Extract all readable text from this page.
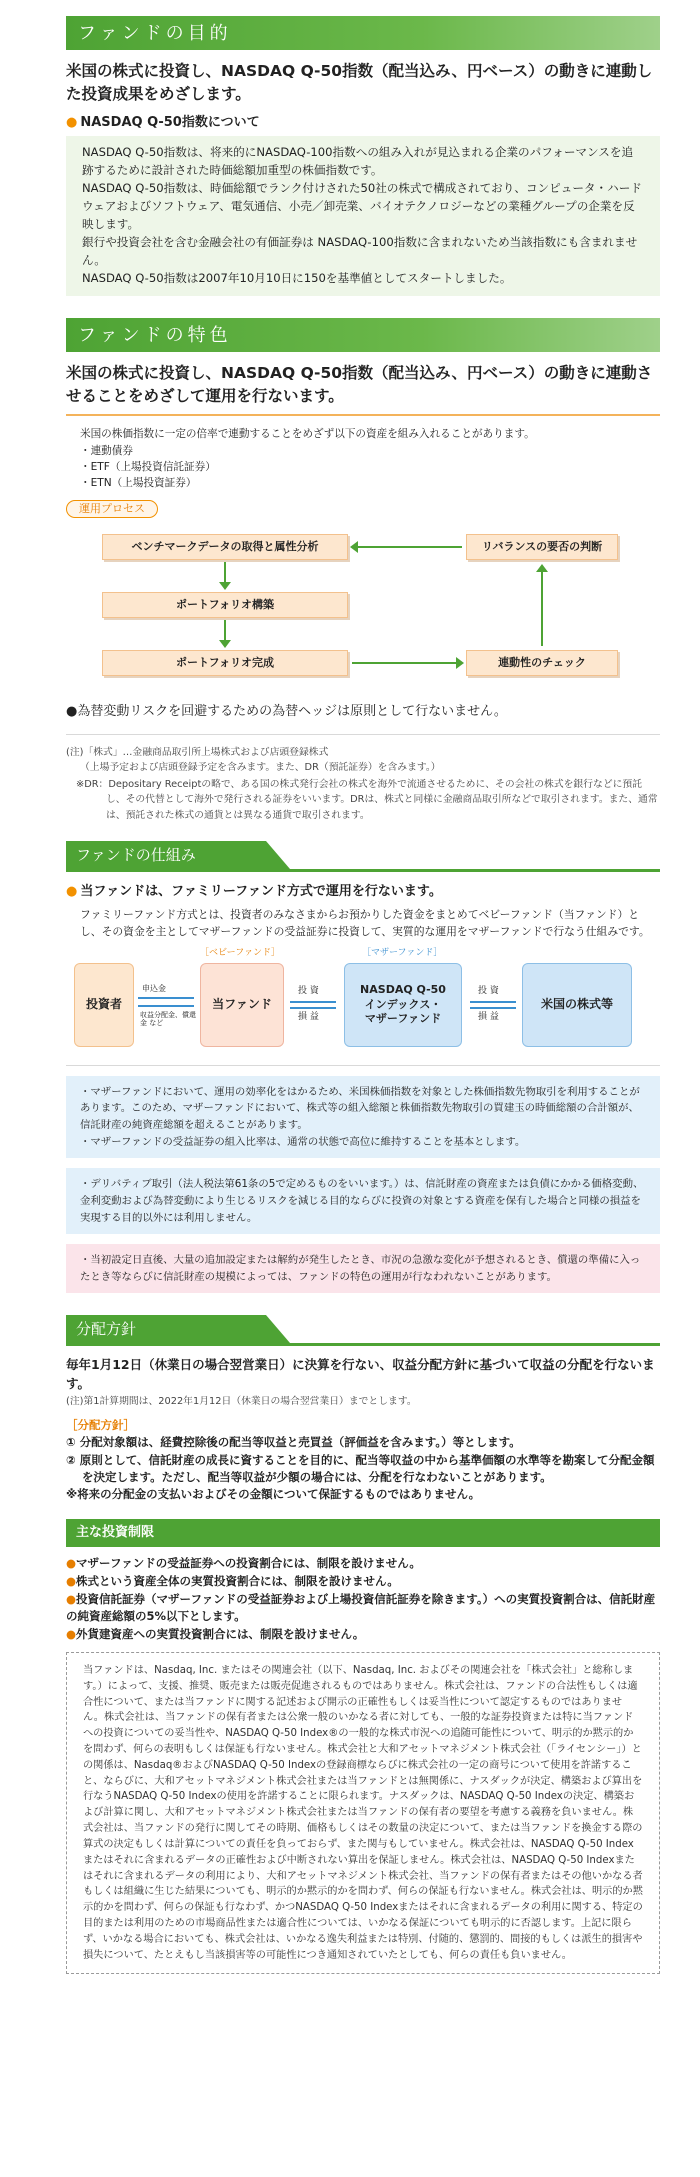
ファンドの目的
米国の株式に投資し、NASDAQ Q-50指数（配当込み、円ベース）の動きに連動した投資成果をめざします。
● NASDAQ Q-50指数について
NASDAQ Q-50指数は、将来的にNASDAQ-100指数への組み入れが見込まれる企業のパフォーマンスを追跡するために設計された時価総額加重型の株価指数です。
NASDAQ Q-50指数は、時価総額でランク付けされた50社の株式で構成されており、コンピュータ・ハードウェアおよびソフトウェア、電気通信、小売／卸売業、バイオテクノロジーなどの業種グループの企業を反映します。
銀行や投資会社を含む金融会社の有価証券は NASDAQ-100指数に含まれないため当該指数にも含まれません。
NASDAQ Q-50指数は2007年10月10日に150を基準値としてスタートしました。
ファンドの特色
米国の株式に投資し、NASDAQ Q-50指数（配当込み、円ベース）の動きに連動させることをめざして運用を行ないます。
米国の株価指数に一定の倍率で連動することをめざず以下の資産を組み入れることがあります。
・連動債券
・ETF（上場投資信託証券）
・ETN（上場投資証券）
運用プロセス
ベンチマークデータの取得と属性分析
ポートフォリオ構築
ポートフォリオ完成	連動性のチェック
リバランスの要否の判断
●為替変動リスクを回避するための為替ヘッジは原則として行ないません。
(注)「株式」…金融商品取引所上場株式および店頭登録株式
（上場予定および店頭登録予定を含みます。また、DR（預託証券）を含みます。）
※DR：Depositary Receiptの略で、ある国の株式発行会社の株式を海外で流通させるために、その会社の株式を銀行などに預託し、その代替として海外で発行される証券をいいます。DRは、株式と同様に金融商品取引所などで取引されます。また、通常は、預託された株式の通貨とは異なる通貨で取引されます。
ファンドの仕組み
● 当ファンドは、ファミリーファンド方式で運用を行ないます。
ファミリーファンド方式とは、投資者のみなさまからお預かりした資金をまとめてベビーファンド（当ファンド）とし、その資金を主としてマザーファンドの受益証券に投資して、実質的な運用をマザーファンドで行なう仕組みです。
投資者
申込金
収益分配金、償還金 など
［ベビーファンド］
当ファンド
投 資
損 益
［マザーファンド］
NASDAQ Q-50
インデックス・
マザーファンド
投 資
損 益
米国の株式等
・マザーファンドにおいて、運用の効率化をはかるため、米国株価指数を対象とした株価指数先物取引を利用することがあります。このため、マザーファンドにおいて、株式等の組入総額と株価指数先物取引の買建玉の時価総額の合計額が、信託財産の純資産総額を超えることがあります。
・マザーファンドの受益証券の組入比率は、通常の状態で高位に維持することを基本とします。
・デリバティブ取引（法人税法第61条の5で定めるものをいいます。）は、信託財産の資産または負債にかかる価格変動、金利変動および為替変動により生じるリスクを減じる目的ならびに投資の対象とする資産を保有した場合と同様の損益を実現する目的以外には利用しません。
・当初設定日直後、大量の追加設定または解約が発生したとき、市況の急激な変化が予想されるとき、償還の準備に入ったとき等ならびに信託財産の規模によっては、ファンドの特色の運用が行なわれないことがあります。
分配方針
毎年1月12日（休業日の場合翌営業日）に決算を行ない、収益分配方針に基づいて収益の分配を行ないます。
(注)第1計算期間は、2022年1月12日（休業日の場合翌営業日）までとします。
［分配方針］
① 分配対象額は、経費控除後の配当等収益と売買益（評価益を含みます。）等とします。
② 原則として、信託財産の成長に資することを目的に、配当等収益の中から基準価額の水準等を勘案して分配金額を決定します。ただし、配当等収益が少額の場合には、分配を行なわないことがあります。
※将来の分配金の支払いおよびその金額について保証するものではありません。
主な投資制限
●マザーファンドの受益証券への投資割合には、制限を設けません。
●株式という資産全体の実質投資割合には、制限を設けません。
●投資信託証券（マザーファンドの受益証券および上場投資信託証券を除きます。）への実質投資割合は、信託財産の純資産総額の5%以下とします。
●外貨建資産への実質投資割合には、制限を設けません。
当ファンドは、Nasdaq, Inc. またはその関連会社（以下、Nasdaq, Inc. およびその関連会社を「株式会社」と総称します。）によって、支援、推奨、販売または販売促進されるものではありません。株式会社は、ファンドの合法性もしくは適合性について、または当ファンドに関する記述および開示の正確性もしくは妥当性について認定するものではありません。株式会社は、当ファンドの保有者または公衆一般のいかなる者に対しても、一般的な証券投資または特に当ファンドへの投資についての妥当性や、NASDAQ Q-50 Index®の一般的な株式市況への追随可能性について、明示的か黙示的かを問わず、何らの表明もしくは保証も行ないません。株式会社と大和アセットマネジメント株式会社（「ライセンシー」）との関係は、Nasdaq®およびNASDAQ Q-50 Indexの登録商標ならびに株式会社の一定の商号について使用を許諾すること、ならびに、大和アセットマネジメント株式会社または当ファンドとは無関係に、ナスダックが決定、構築および算出を行なうNASDAQ Q-50 Indexの使用を許諾することに限られます。ナスダックは、NASDAQ Q-50 Indexの決定、構築および計算に関し、大和アセットマネジメント株式会社または当ファンドの保有者の要望を考慮する義務を負いません。株式会社は、当ファンドの発行に関してその時期、価格もしくはその数量の決定について、または当ファンドを換金する際の算式の決定もしくは計算についての責任を負っておらず、また関与もしていません。株式会社は、NASDAQ Q-50 Indexまたはそれに含まれるデータの正確性および中断されない算出を保証しません。株式会社は、NASDAQ Q-50 Indexまたはそれに含まれるデータの利用により、大和アセットマネジメント株式会社、当ファンドの保有者またはその他いかなる者もしくは組織に生じた結果についても、明示的か黙示的かを問わず、何らの保証も行ないません。株式会社は、明示的か黙示的かを問わず、何らの保証も行なわず、かつNASDAQ Q-50 Indexまたはそれに含まれるデータの利用に関する、特定の目的または利用のための市場商品性または適合性については、いかなる保証についても明示的に否認します。上記に限らず、いかなる場合においても、株式会社は、いかなる逸失利益または特別、付随的、懲罰的、間接的もしくは派生的損害や損失について、たとえもし当該損害等の可能性につき通知されていたとしても、何らの責任も負いません。
